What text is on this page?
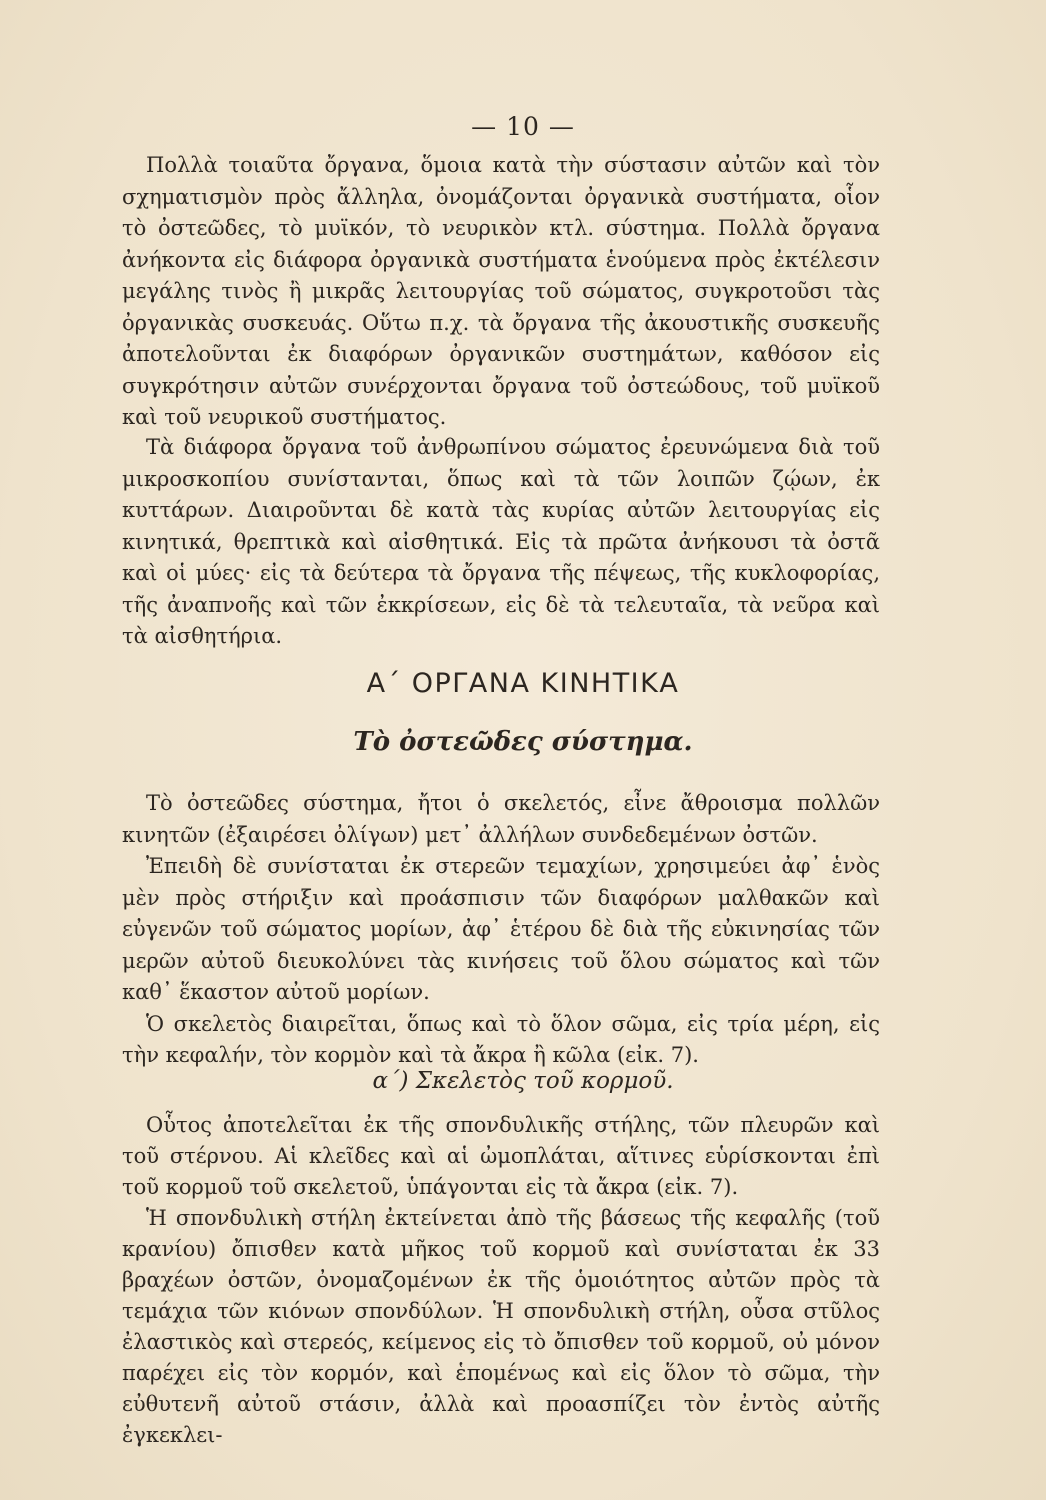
— 10 —

Πολλὰ τοιαῦτα ὄργανα, ὅμοια κατὰ τὴν σύστασιν αὐτῶν καὶ τὸν σχηματισμὸν πρὸς ἄλληλα, ὀνομάζονται ὀργανικὰ συστήματα, οἷον τὸ ὀστεῶδες, τὸ μυϊκόν, τὸ νευρικὸν κτλ. σύστημα. Πολλὰ ὄργανα ἀνήκοντα εἰς διάφορα ὀργανικὰ συστήματα ἑνούμενα πρὸς ἐκτέλεσιν μεγάλης τινὸς ἢ μικρᾶς λειτουργίας τοῦ σώματος, συγκροτοῦσι τὰς ὀργανικὰς συσκευάς. Οὕτω π.χ. τὰ ὄργανα τῆς ἀκουστικῆς συσκευῆς ἀποτελοῦνται ἐκ διαφόρων ὀργανικῶν συστημάτων, καθόσον εἰς συγκρότησιν αὐτῶν συνέρχονται ὄργανα τοῦ ὀστεώδους, τοῦ μυϊκοῦ καὶ τοῦ νευρικοῦ συστήματος.

Τὰ διάφορα ὄργανα τοῦ ἀνθρωπίνου σώματος ἐρευνώμενα διὰ τοῦ μικροσκοπίου συνίστανται, ὅπως καὶ τὰ τῶν λοιπῶν ζῴων, ἐκ κυττάρων. Διαιροῦνται δὲ κατὰ τὰς κυρίας αὐτῶν λειτουργίας εἰς κινητικά, θρεπτικὰ καὶ αἰσθητικά. Εἰς τὰ πρῶτα ἀνήκουσι τὰ ὀστᾶ καὶ οἱ μύες· εἰς τὰ δεύτερα τὰ ὄργανα τῆς πέψεως, τῆς κυκλοφορίας, τῆς ἀναπνοῆς καὶ τῶν ἐκκρίσεων, εἰς δὲ τὰ τελευταῖα, τὰ νεῦρα καὶ τὰ αἰσθητήρια.

Α΄ ΟΡΓΑΝΑ ΚΙΝΗΤΙΚΑ
Τὸ ὀστεῶδες σύστημα.

Τὸ ὀστεῶδες σύστημα, ἤτοι ὁ σκελετός, εἶνε ἄθροισμα πολλῶν κινητῶν (ἐξαιρέσει ὀλίγων) μετ᾽ ἀλλήλων συνδεδεμένων ὀστῶν.

Ἐπειδὴ δὲ συνίσταται ἐκ στερεῶν τεμαχίων, χρησιμεύει ἀφ᾽ ἑνὸς μὲν πρὸς στήριξιν καὶ προάσπισιν τῶν διαφόρων μαλθακῶν καὶ εὐγενῶν τοῦ σώματος μορίων, ἀφ᾽ ἑτέρου δὲ διὰ τῆς εὐκινησίας τῶν μερῶν αὐτοῦ διευκολύνει τὰς κινήσεις τοῦ ὅλου σώματος καὶ τῶν καθ᾽ ἕκαστον αὐτοῦ μορίων.

Ὁ σκελετὸς διαιρεῖται, ὅπως καὶ τὸ ὅλον σῶμα, εἰς τρία μέρη, εἰς τὴν κεφαλήν, τὸν κορμὸν καὶ τὰ ἄκρα ἢ κῶλα (εἰκ. 7).

α΄) Σκελετὸς τοῦ κορμοῦ.

Οὗτος ἀποτελεῖται ἐκ τῆς σπονδυλικῆς στήλης, τῶν πλευρῶν καὶ τοῦ στέρνου. Αἱ κλεῖδες καὶ αἱ ὠμοπλάται, αἵτινες εὑρίσκονται ἐπὶ τοῦ κορμοῦ τοῦ σκελετοῦ, ὑπάγονται εἰς τὰ ἄκρα (εἰκ. 7).

Ἡ σπονδυλικὴ στήλη ἐκτείνεται ἀπὸ τῆς βάσεως τῆς κεφαλῆς (τοῦ κρανίου) ὄπισθεν κατὰ μῆκος τοῦ κορμοῦ καὶ συνίσταται ἐκ 33 βραχέων ὀστῶν, ὀνομαζομένων ἐκ τῆς ὁμοιότητος αὐτῶν πρὸς τὰ τεμάχια τῶν κιόνων σπονδύλων. Ἡ σπονδυλικὴ στήλη, οὖσα στῦλος ἐλαστικὸς καὶ στερεός, κείμενος εἰς τὸ ὄπισθεν τοῦ κορμοῦ, οὐ μόνον παρέχει εἰς τὸν κορμόν, καὶ ἑπομένως καὶ εἰς ὅλον τὸ σῶμα, τὴν εὐθυτενῆ αὐτοῦ στάσιν, ἀλλὰ καὶ προασπίζει τὸν ἐντὸς αὐτῆς ἐγκεκλει-
